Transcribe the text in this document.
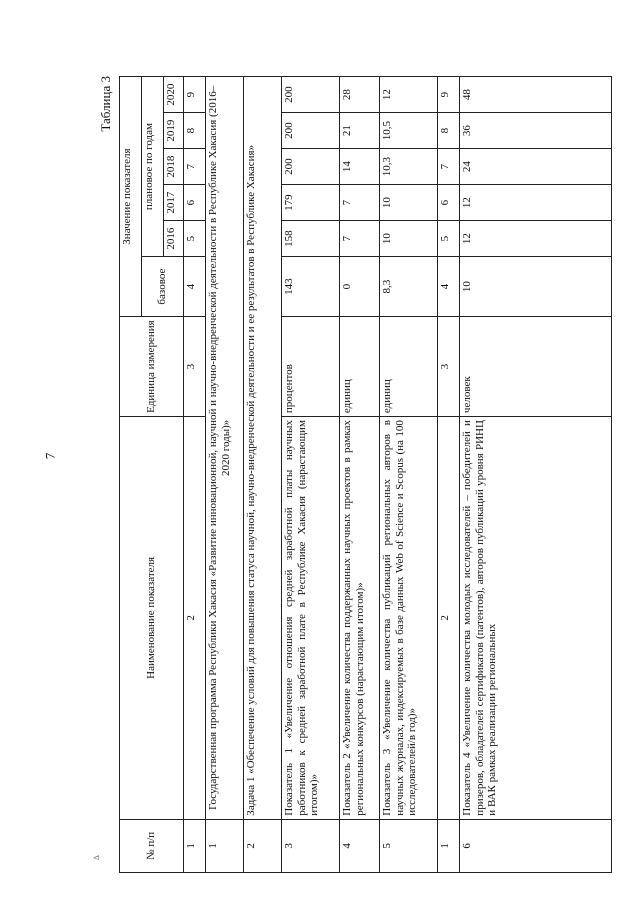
7
∆
Таблица 3
№ п/п	Наименование показателя	Единица измерения	Значение показателя					
			базовое	плановое по годам				
				2016	2017	2018	2019	2020
1	2	3	4	5	6	7	8	9
1	Государственная программа Республики Хакасия «Развитие инновационной, научной и научно-внедренческой деятельности в Республике Хакасия (2016–2020 годы)»							
2	Задача 1 «Обеспечение условий для повышения статуса научной, научно-внедренческой деятельности и ее результатов в Республике Хакасия»							
3	Показатель 1 «Увеличение отношения средней заработной платы научных работников к средней заработной плате в Республике Хакасия (нарастающим итогом)»	процентов	143	158	179	200	200	200
4	Показатель 2 «Увеличение количества поддержанных научных проектов в рамках региональных конкурсов (нарастающим итогом)»	единиц	0	7	7	14	21	28
5	Показатель 3 «Увеличение количества публикаций региональных авторов в научных журналах, индексируемых в базе данных Web of Science и Scopus (на 100 исследователей/в год)»	единиц	8,3	10	10	10,3	10,5	12
1	2	3	4	5	6	7	8	9
6	Показатель 4 «Увеличение количества молодых исследователей – победителей и призеров, обладателей сертификатов (патентов), авторов публикаций уровня РИНЦ и ВАК рамках реализации региональных	человек	10	12	12	24	36	48
